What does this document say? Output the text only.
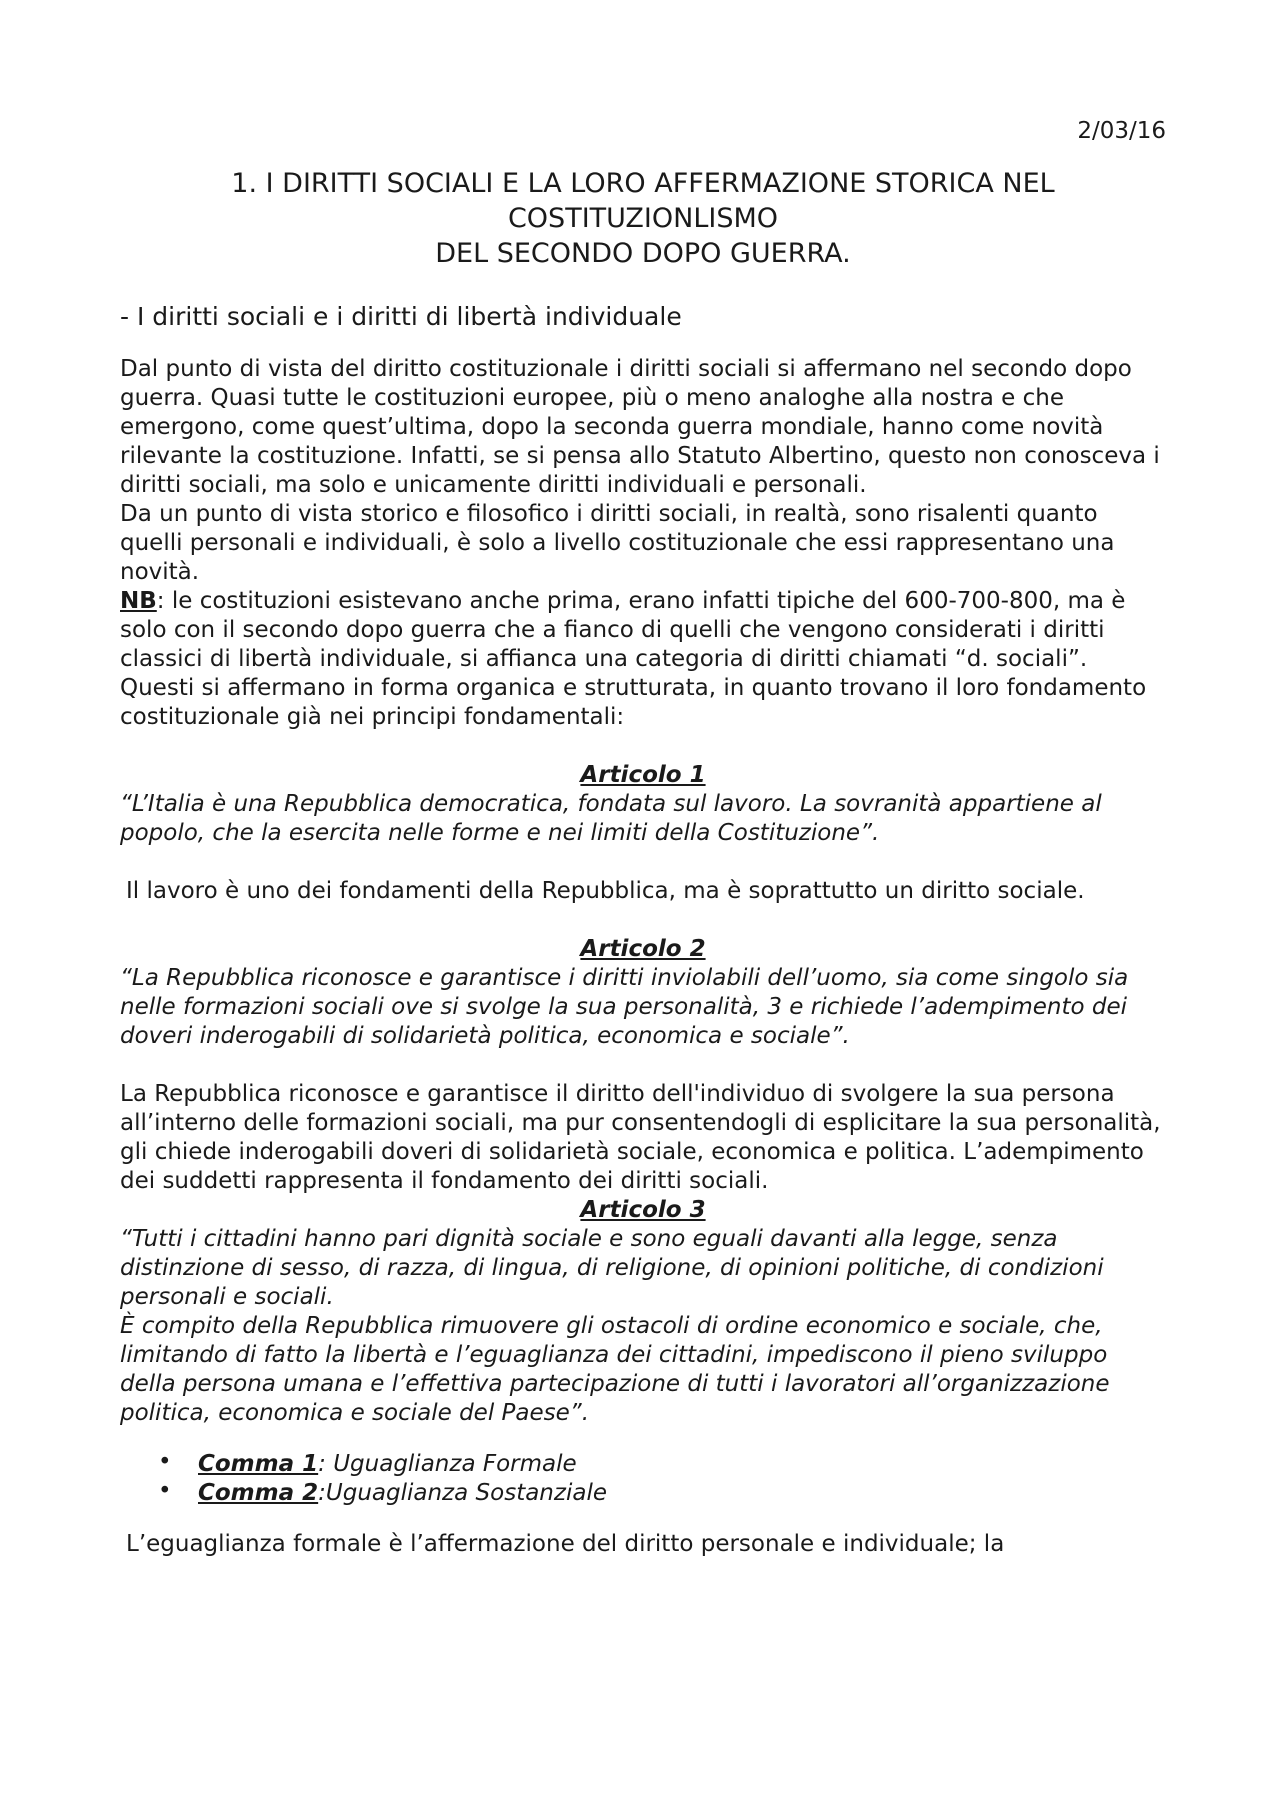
2/03/16
1. I DIRITTI SOCIALI E LA LORO AFFERMAZIONE STORICA NEL
COSTITUZIONLISMO
DEL SECONDO DOPO GUERRA.
- I diritti sociali e i diritti di libertà individuale

Dal punto di vista del diritto costituzionale i diritti sociali si affermano nel secondo dopo guerra. Quasi tutte le costituzioni europee, più o meno analoghe alla nostra e che emergono, come quest’ultima, dopo la seconda guerra mondiale, hanno come novità rilevante la costituzione. Infatti, se si pensa allo Statuto Albertino, questo non conosceva i diritti sociali, ma solo e unicamente diritti individuali e personali.

Da un punto di vista storico e filosofico i diritti sociali, in realtà, sono risalenti quanto quelli personali e individuali, è solo a livello costituzionale che essi rappresentano una novità.

NB: le costituzioni esistevano anche prima, erano infatti tipiche del 600-700-800, ma è solo con il secondo dopo guerra che a fianco di quelli che vengono considerati i diritti classici di libertà individuale, si affianca una categoria di diritti chiamati “d. sociali”. Questi si affermano in forma organica e strutturata, in quanto trovano il loro fondamento costituzionale già nei principi fondamentali:

Articolo 1

“L’Italia è una Repubblica democratica, fondata sul lavoro. La sovranità appartiene al popolo, che la esercita nelle forme e nei limiti della Costituzione”.

Il lavoro è uno dei fondamenti della Repubblica, ma è soprattutto un diritto sociale.

Articolo 2

“La Repubblica riconosce e garantisce i diritti inviolabili dell’uomo, sia come singolo sia nelle formazioni sociali ove si svolge la sua personalità, 3 e richiede l’adempimento dei doveri inderogabili di solidarietà politica, economica e sociale”.

La Repubblica riconosce e garantisce il diritto dell'individuo di svolgere la sua persona all’interno delle formazioni sociali, ma pur consentendogli di esplicitare la sua personalità, gli chiede inderogabili doveri di solidarietà sociale, economica e politica. L’adempimento dei suddetti rappresenta il fondamento dei diritti sociali.

Articolo 3

“Tutti i cittadini hanno pari dignità sociale e sono eguali davanti alla legge, senza distinzione di sesso, di razza, di lingua, di religione, di opinioni politiche, di condizioni personali e sociali.

È compito della Repubblica rimuovere gli ostacoli di ordine economico e sociale, che, limitando di fatto la libertà e l’eguaglianza dei cittadini, impediscono il pieno sviluppo della persona umana e l’effettiva partecipazione di tutti i lavoratori all’organizzazione politica, economica e sociale del Paese”.

• Comma 1: Uguaglianza Formale
• Comma 2:Uguaglianza Sostanziale

L’eguaglianza formale è l’affermazione del diritto personale e individuale; la
